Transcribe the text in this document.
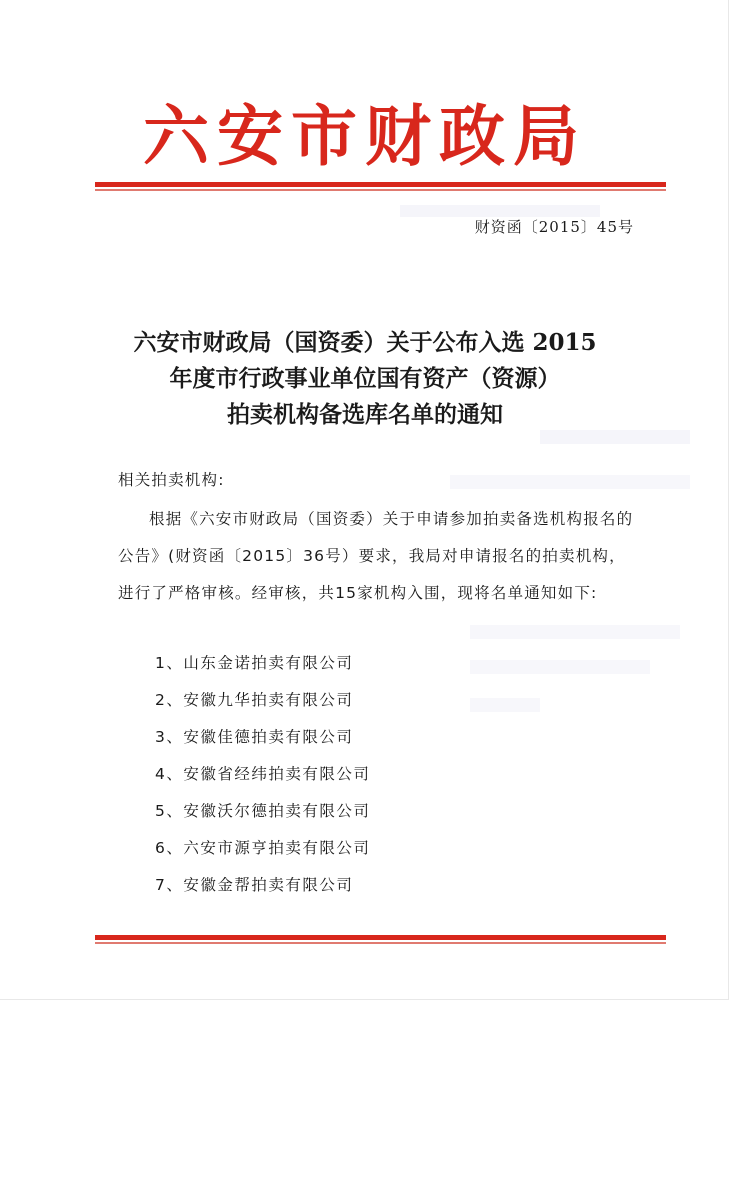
六安市财政局
财资函〔2015〕45号
六安市财政局（国资委）关于公布入选 2015
年度市行政事业单位国有资产（资源）
拍卖机构备选库名单的通知
相关拍卖机构:
根据《六安市财政局（国资委）关于申请参加拍卖备选机构报名的公告》(财资函〔2015〕36号）要求，我局对申请报名的拍卖机构，进行了严格审核。经审核，共15家机构入围，现将名单通知如下:
1、山东金诺拍卖有限公司
2、安徽九华拍卖有限公司
3、安徽佳德拍卖有限公司
4、安徽省经纬拍卖有限公司
5、安徽沃尔德拍卖有限公司
6、六安市源亨拍卖有限公司
7、安徽金帮拍卖有限公司
